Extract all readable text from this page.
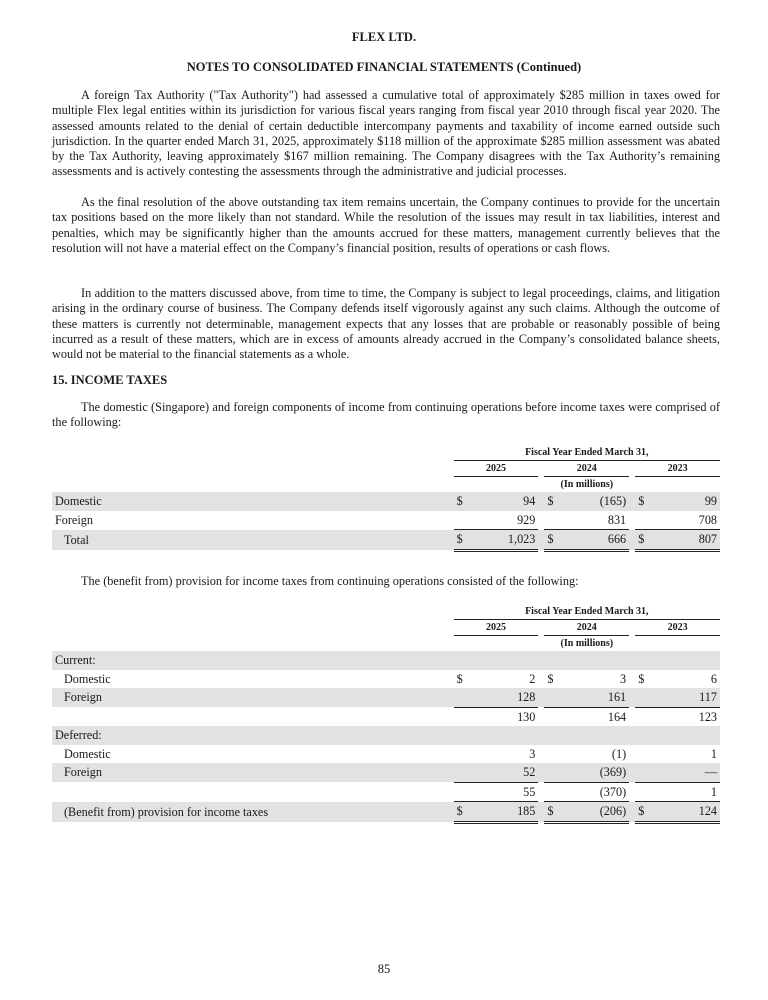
FLEX LTD.
NOTES TO CONSOLIDATED FINANCIAL STATEMENTS (Continued)

A foreign Tax Authority ("Tax Authority") had assessed a cumulative total of approximately $285 million in taxes owed for multiple Flex legal entities within its jurisdiction for various fiscal years ranging from fiscal year 2010 through fiscal year 2020. The assessed amounts related to the denial of certain deductible intercompany payments and taxability of income earned outside such jurisdiction. In the quarter ended March 31, 2025, approximately $118 million of the approximate $285 million assessment was abated by the Tax Authority, leaving approximately $167 million remaining. The Company disagrees with the Tax Authority’s remaining assessments and is actively contesting the assessments through the administrative and judicial processes.

As the final resolution of the above outstanding tax item remains uncertain, the Company continues to provide for the uncertain tax positions based on the more likely than not standard. While the resolution of the issues may result in tax liabilities, interest and penalties, which may be significantly higher than the amounts accrued for these matters, management currently believes that the resolution will not have a material effect on the Company’s financial position, results of operations or cash flows.

In addition to the matters discussed above, from time to time, the Company is subject to legal proceedings, claims, and litigation arising in the ordinary course of business. The Company defends itself vigorously against any such claims. Although the outcome of these matters is currently not determinable, management expects that any losses that are probable or reasonably possible of being incurred as a result of these matters, which are in excess of amounts already accrued in the Company’s consolidated balance sheets, would not be material to the financial statements as a whole.

15. INCOME TAXES

The domestic (Singapore) and foreign components of income from continuing operations before income taxes were comprised of the following:

	Fiscal Year Ended March 31,							
	2025			2024			2023	
	(In millions)							
Domestic	$	94		$	(165)		$	99
Foreign		929			831			708
Total	$	1,023		$	666		$	807

The (benefit from) provision for income taxes from continuing operations consisted of the following:

	Fiscal Year Ended March 31,							
	2025			2024			2023	
	(In millions)							
Current:								
Domestic	$	2		$	3		$	6
Foreign		128			161			117
		130			164			123
Deferred:								
Domestic		3			(1)			1
Foreign		52			(369)			—
		55			(370)			1
(Benefit from) provision for income taxes	$	185		$	(206)		$	124
85
